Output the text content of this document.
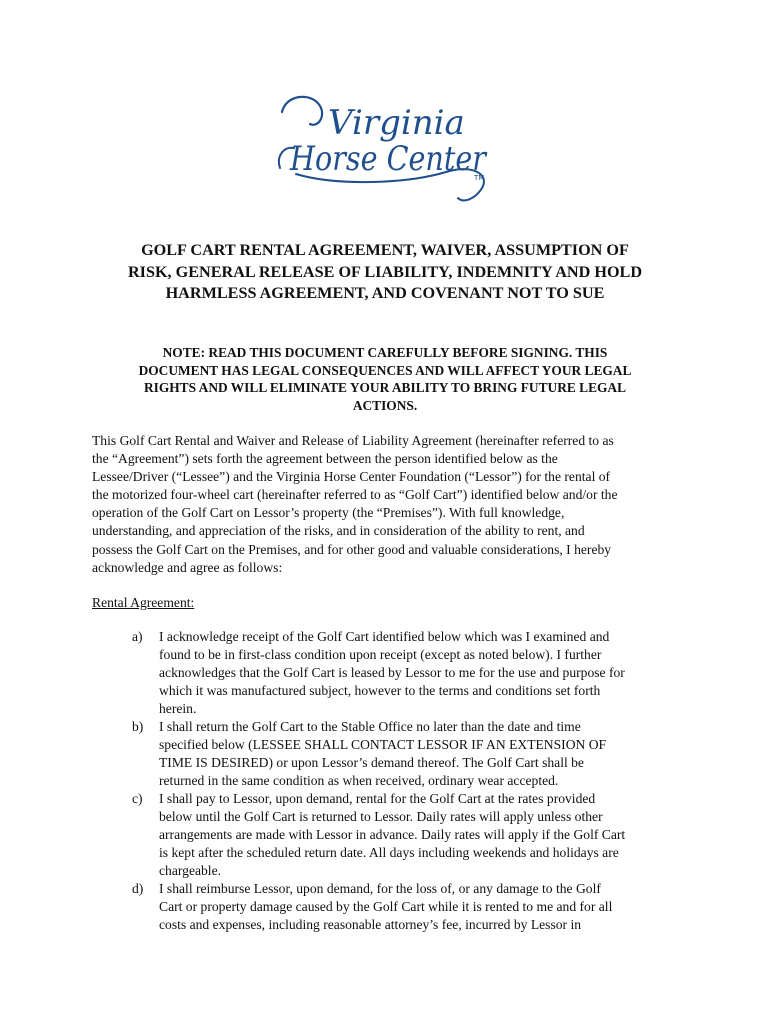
Virginia
Horse Center
TM
GOLF CART RENTAL AGREEMENT, WAIVER, ASSUMPTION OF
RISK, GENERAL RELEASE OF LIABILITY, INDEMNITY AND HOLD
HARMLESS AGREEMENT, AND COVENANT NOT TO SUE

NOTE: READ THIS DOCUMENT CAREFULLY BEFORE SIGNING. THIS
DOCUMENT HAS LEGAL CONSEQUENCES AND WILL AFFECT YOUR LEGAL
RIGHTS AND WILL ELIMINATE YOUR ABILITY TO BRING FUTURE LEGAL
ACTIONS.

This Golf Cart Rental and Waiver and Release of Liability Agreement (hereinafter referred to as
the “Agreement”) sets forth the agreement between the person identified below as the
Lessee/Driver (“Lessee”) and the Virginia Horse Center Foundation (“Lessor”) for the rental of
the motorized four-wheel cart (hereinafter referred to as “Golf Cart”) identified below and/or the
operation of the Golf Cart on Lessor’s property (the “Premises”). With full knowledge,
understanding, and appreciation of the risks, and in consideration of the ability to rent, and
possess the Golf Cart on the Premises, and for other good and valuable considerations, I hereby
acknowledge and agree as follows:

Rental Agreement:

a) I acknowledge receipt of the Golf Cart identified below which was I examined and
found to be in first-class condition upon receipt (except as noted below). I further
acknowledges that the Golf Cart is leased by Lessor to me for the use and purpose for
which it was manufactured subject, however to the terms and conditions set forth
herein.
b) I shall return the Golf Cart to the Stable Office no later than the date and time
specified below (LESSEE SHALL CONTACT LESSOR IF AN EXTENSION OF
TIME IS DESIRED) or upon Lessor’s demand thereof. The Golf Cart shall be
returned in the same condition as when received, ordinary wear accepted.
c) I shall pay to Lessor, upon demand, rental for the Golf Cart at the rates provided
below until the Golf Cart is returned to Lessor. Daily rates will apply unless other
arrangements are made with Lessor in advance. Daily rates will apply if the Golf Cart
is kept after the scheduled return date. All days including weekends and holidays are
chargeable.
d) I shall reimburse Lessor, upon demand, for the loss of, or any damage to the Golf
Cart or property damage caused by the Golf Cart while it is rented to me and for all
costs and expenses, including reasonable attorney’s fee, incurred by Lessor in
